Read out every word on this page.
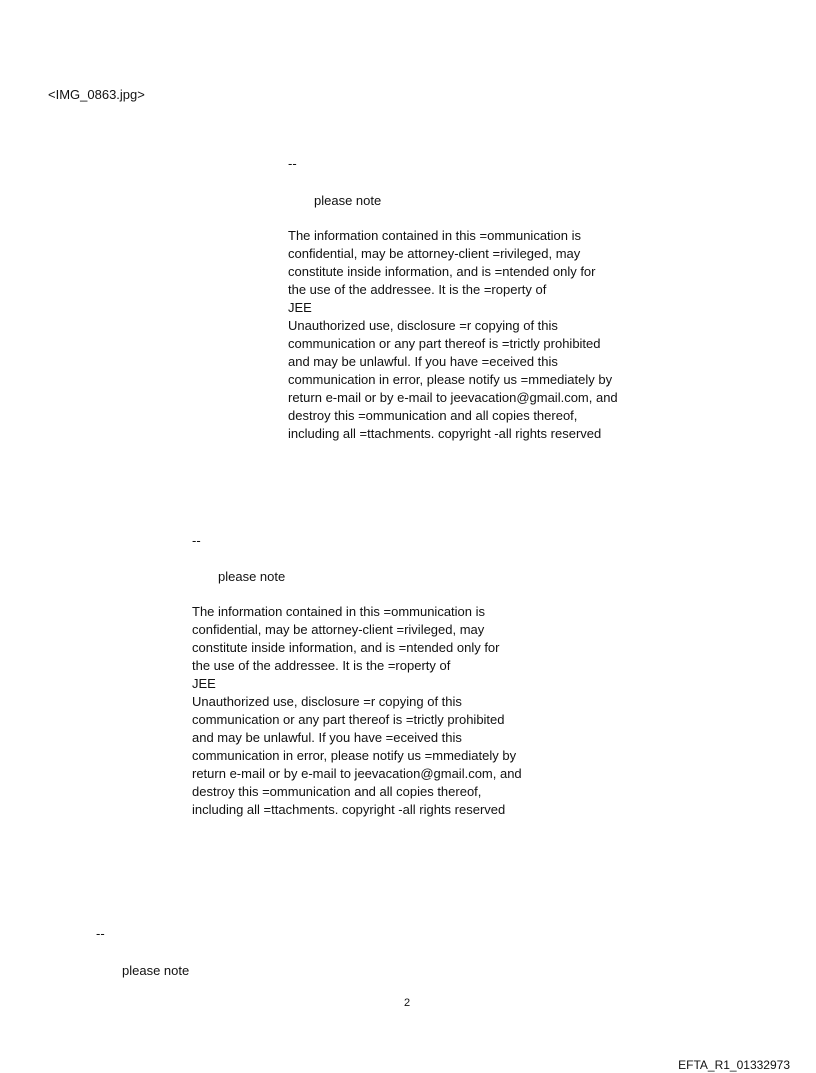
<IMG_0863.jpg>
--
please note
The information contained in this =ommunication is
confidential, may be attorney-client =rivileged, may
constitute inside information, and is =ntended only for
the use of the addressee. It is the =roperty of
JEE
Unauthorized use, disclosure =r copying of this
communication or any part thereof is =trictly prohibited
and may be unlawful. If you have =eceived this
communication in error, please notify us =mmediately by
return e-mail or by e-mail to jeevacation@gmail.com, and
destroy this =ommunication and all copies thereof,
including all =ttachments. copyright -all rights reserved
--
please note
The information contained in this =ommunication is
confidential, may be attorney-client =rivileged, may
constitute inside information, and is =ntended only for
the use of the addressee. It is the =roperty of
JEE
Unauthorized use, disclosure =r copying of this
communication or any part thereof is =trictly prohibited
and may be unlawful. If you have =eceived this
communication in error, please notify us =mmediately by
return e-mail or by e-mail to jeevacation@gmail.com, and
destroy this =ommunication and all copies thereof,
including all =ttachments. copyright -all rights reserved
--
please note
2
EFTA_R1_01332973
